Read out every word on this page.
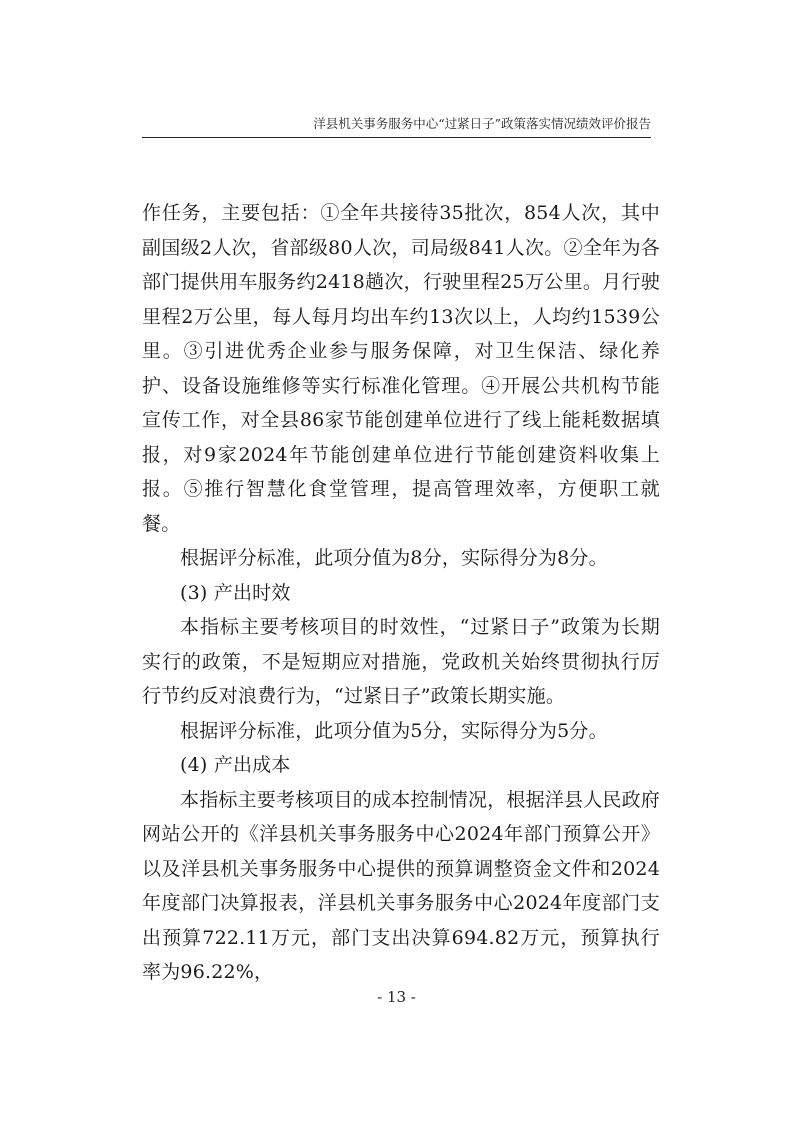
洋县机关事务服务中心“过紧日子”政策落实情况绩效评价报告

作任务，主要包括：①全年共接待35批次，854人次，其中副国级2人次，省部级80人次，司局级841人次。②全年为各部门提供用车服务约2418趟次，行驶里程25万公里。月行驶里程2万公里，每人每月均出车约13次以上，人均约1539公里。③引进优秀企业参与服务保障，对卫生保洁、绿化养护、设备设施维修等实行标准化管理。④开展公共机构节能宣传工作，对全县86家节能创建单位进行了线上能耗数据填报，对9家2024年节能创建单位进行节能创建资料收集上报。⑤推行智慧化食堂管理，提高管理效率，方便职工就餐。

根据评分标准，此项分值为8分，实际得分为8分。

(3) 产出时效

本指标主要考核项目的时效性，“过紧日子”政策为长期实行的政策，不是短期应对措施，党政机关始终贯彻执行厉行节约反对浪费行为，“过紧日子”政策长期实施。

根据评分标准，此项分值为5分，实际得分为5分。

(4) 产出成本

本指标主要考核项目的成本控制情况，根据洋县人民政府网站公开的《洋县机关事务服务中心2024年部门预算公开》以及洋县机关事务服务中心提供的预算调整资金文件和2024年度部门决算报表，洋县机关事务服务中心2024年度部门支出预算722.11万元，部门支出决算694.82万元，预算执行率为96.22%，

- 13 -
